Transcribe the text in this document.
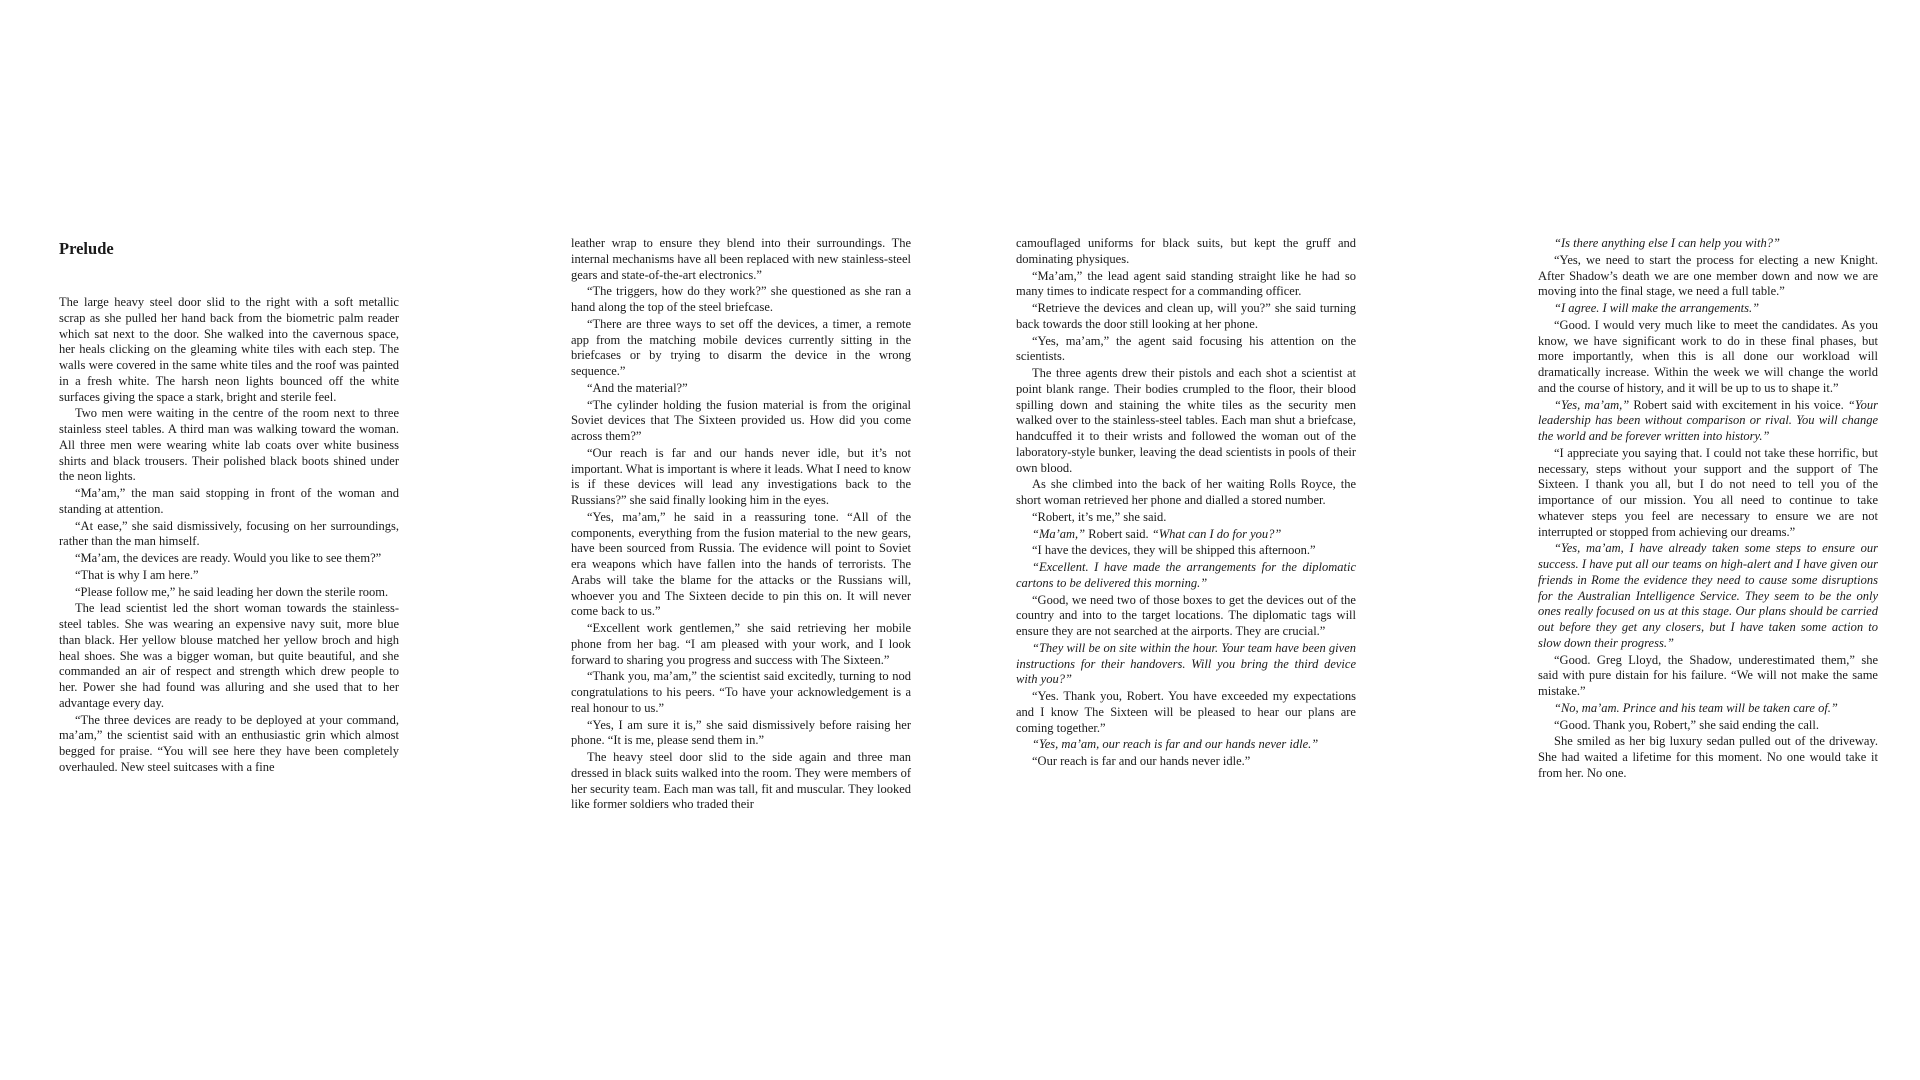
Prelude

The large heavy steel door slid to the right with a soft metallic scrap as she pulled her hand back from the biometric palm reader which sat next to the door. She walked into the cavernous space, her heals clicking on the gleaming white tiles with each step. The walls were covered in the same white tiles and the roof was painted in a fresh white. The harsh neon lights bounced off the white surfaces giving the space a stark, bright and sterile feel.

Two men were waiting in the centre of the room next to three stainless steel tables. A third man was walking toward the woman. All three men were wearing white lab coats over white business shirts and black trousers. Their polished black boots shined under the neon lights.

“Ma’am,” the man said stopping in front of the woman and standing at attention.

“At ease,” she said dismissively, focusing on her surroundings, rather than the man himself.

“Ma’am, the devices are ready. Would you like to see them?”

“That is why I am here.”

“Please follow me,” he said leading her down the sterile room.

The lead scientist led the short woman towards the stainless-steel tables. She was wearing an expensive navy suit, more blue than black. Her yellow blouse matched her yellow broch and high heal shoes. She was a bigger woman, but quite beautiful, and she commanded an air of respect and strength which drew people to her. Power she had found was alluring and she used that to her advantage every day.

“The three devices are ready to be deployed at your command, ma’am,” the scientist said with an enthusiastic grin which almost begged for praise. “You will see here they have been completely overhauled. New steel suitcases with a fine

leather wrap to ensure they blend into their surroundings. The internal mechanisms have all been replaced with new stainless-steel gears and state-of-the-art electronics.”

“The triggers, how do they work?” she questioned as she ran a hand along the top of the steel briefcase.

“There are three ways to set off the devices, a timer, a remote app from the matching mobile devices currently sitting in the briefcases or by trying to disarm the device in the wrong sequence.”

“And the material?”

“The cylinder holding the fusion material is from the original Soviet devices that The Sixteen provided us. How did you come across them?”

“Our reach is far and our hands never idle, but it’s not important. What is important is where it leads. What I need to know is if these devices will lead any investigations back to the Russians?” she said finally looking him in the eyes.

“Yes, ma’am,” he said in a reassuring tone. “All of the components, everything from the fusion material to the new gears, have been sourced from Russia. The evidence will point to Soviet era weapons which have fallen into the hands of terrorists. The Arabs will take the blame for the attacks or the Russians will, whoever you and The Sixteen decide to pin this on. It will never come back to us.”

“Excellent work gentlemen,” she said retrieving her mobile phone from her bag. “I am pleased with your work, and I look forward to sharing you progress and success with The Sixteen.”

“Thank you, ma’am,” the scientist said excitedly, turning to nod congratulations to his peers. “To have your acknowledgement is a real honour to us.”

“Yes, I am sure it is,” she said dismissively before raising her phone. “It is me, please send them in.”

The heavy steel door slid to the side again and three man dressed in black suits walked into the room. They were members of her security team. Each man was tall, fit and muscular. They looked like former soldiers who traded their

camouflaged uniforms for black suits, but kept the gruff and dominating physiques.

“Ma’am,” the lead agent said standing straight like he had so many times to indicate respect for a commanding officer.

“Retrieve the devices and clean up, will you?” she said turning back towards the door still looking at her phone.

“Yes, ma’am,” the agent said focusing his attention on the scientists.

The three agents drew their pistols and each shot a scientist at point blank range. Their bodies crumpled to the floor, their blood spilling down and staining the white tiles as the security men walked over to the stainless-steel tables. Each man shut a briefcase, handcuffed it to their wrists and followed the woman out of the laboratory-style bunker, leaving the dead scientists in pools of their own blood.

As she climbed into the back of her waiting Rolls Royce, the short woman retrieved her phone and dialled a stored number.

“Robert, it’s me,” she said.

“Ma’am,” Robert said. “What can I do for you?”

“I have the devices, they will be shipped this afternoon.”

“Excellent. I have made the arrangements for the diplomatic cartons to be delivered this morning.”

“Good, we need two of those boxes to get the devices out of the country and into to the target locations. The diplomatic tags will ensure they are not searched at the airports. They are crucial.”

“They will be on site within the hour. Your team have been given instructions for their handovers. Will you bring the third device with you?”

“Yes. Thank you, Robert. You have exceeded my expectations and I know The Sixteen will be pleased to hear our plans are coming together.”

“Yes, ma’am, our reach is far and our hands never idle.”

“Our reach is far and our hands never idle.”

“Is there anything else I can help you with?”

“Yes, we need to start the process for electing a new Knight. After Shadow’s death we are one member down and now we are moving into the final stage, we need a full table.”

“I agree. I will make the arrangements.”

“Good. I would very much like to meet the candidates. As you know, we have significant work to do in these final phases, but more importantly, when this is all done our workload will dramatically increase. Within the week we will change the world and the course of history, and it will be up to us to shape it.”

“Yes, ma’am,” Robert said with excitement in his voice. “Your leadership has been without comparison or rival. You will change the world and be forever written into history.”

“I appreciate you saying that. I could not take these horrific, but necessary, steps without your support and the support of The Sixteen. I thank you all, but I do not need to tell you of the importance of our mission. You all need to continue to take whatever steps you feel are necessary to ensure we are not interrupted or stopped from achieving our dreams.”

“Yes, ma’am, I have already taken some steps to ensure our success. I have put all our teams on high-alert and I have given our friends in Rome the evidence they need to cause some disruptions for the Australian Intelligence Service. They seem to be the only ones really focused on us at this stage. Our plans should be carried out before they get any closers, but I have taken some action to slow down their progress.”

“Good. Greg Lloyd, the Shadow, underestimated them,” she said with pure distain for his failure. “We will not make the same mistake.”

“No, ma’am. Prince and his team will be taken care of.”

“Good. Thank you, Robert,” she said ending the call.

She smiled as her big luxury sedan pulled out of the driveway. She had waited a lifetime for this moment. No one would take it from her. No one.
